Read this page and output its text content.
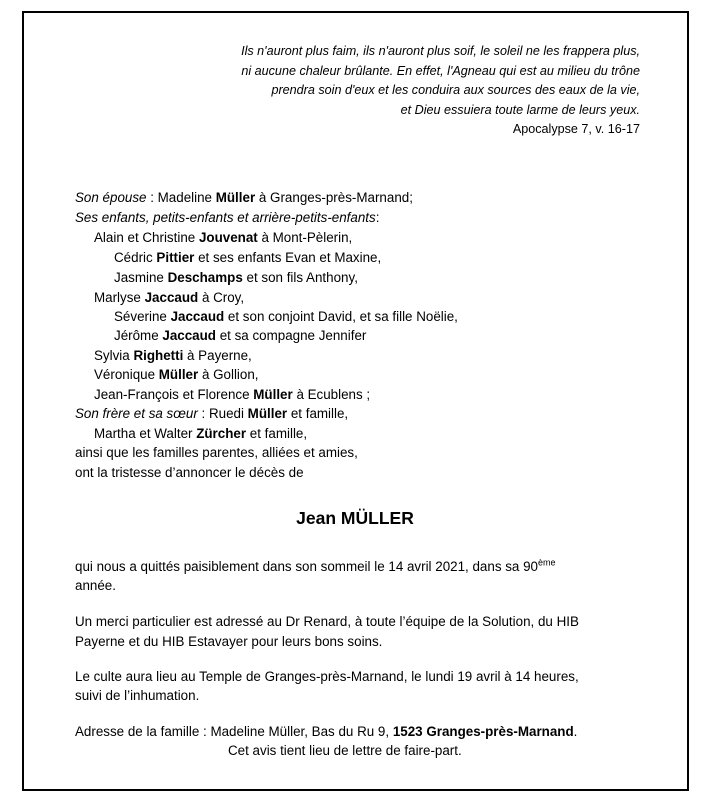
Ils n'auront plus faim, ils n'auront plus soif, le soleil ne les frappera plus,
ni aucune chaleur brûlante. En effet, l'Agneau qui est au milieu du trône
prendra soin d'eux et les conduira aux sources des eaux de la vie,
et Dieu essuiera toute larme de leurs yeux.
Apocalypse 7, v. 16-17
Son épouse : Madeline Müller à Granges-près-Marnand;
Ses enfants, petits-enfants et arrière-petits-enfants:
Alain et Christine Jouvenat à Mont-Pèlerin,
Cédric Pittier et ses enfants Evan et Maxine,
Jasmine Deschamps et son fils Anthony,
Marlyse Jaccaud à Croy,
Séverine Jaccaud et son conjoint David, et sa fille Noëlie,
Jérôme Jaccaud et sa compagne Jennifer
Sylvia Righetti à Payerne,
Véronique Müller à Gollion,
Jean-François et Florence Müller à Ecublens ;
Son frère et sa sœur : Ruedi Müller et famille,
Martha et Walter Zürcher et famille,
ainsi que les familles parentes, alliées et amies,
ont la tristesse d’annoncer le décès de
Jean MÜLLER
qui nous a quittés paisiblement dans son sommeil le 14 avril 2021, dans sa 90ème
année.
Un merci particulier est adressé au Dr Renard, à toute l’équipe de la Solution, du HIB
Payerne et du HIB Estavayer pour leurs bons soins.
Le culte aura lieu au Temple de Granges-près-Marnand, le lundi 19 avril à 14 heures,
suivi de l’inhumation.
Adresse de la famille : Madeline Müller, Bas du Ru 9, 1523 Granges-près-Marnand.
Cet avis tient lieu de lettre de faire-part.
